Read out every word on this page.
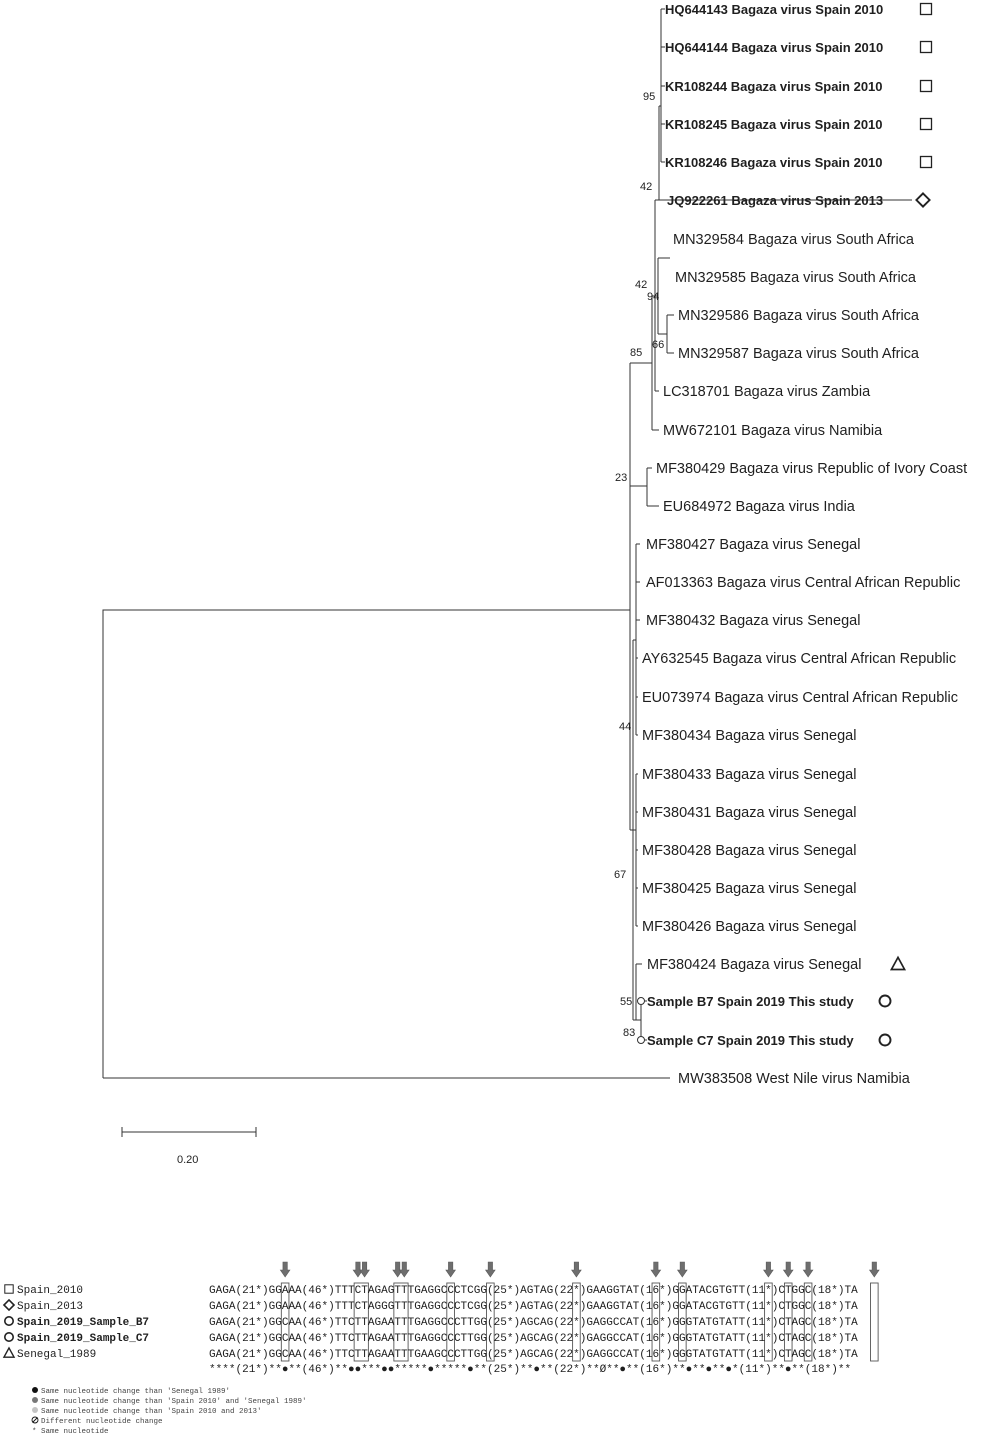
95
42
42
94
66
85
23
44
67
55
83
HQ644143 Bagaza virus Spain 2010
HQ644144 Bagaza virus Spain 2010
KR108244 Bagaza virus Spain 2010
KR108245 Bagaza virus Spain 2010
KR108246 Bagaza virus Spain 2010
JQ922261 Bagaza virus Spain 2013
MN329584 Bagaza virus South Africa
MN329585 Bagaza virus South Africa
MN329586 Bagaza virus South Africa
MN329587 Bagaza virus South Africa
LC318701 Bagaza virus Zambia
MW672101 Bagaza virus Namibia
MF380429 Bagaza virus Republic of Ivory Coast
EU684972 Bagaza virus India
MF380427 Bagaza virus Senegal
AF013363 Bagaza virus Central African Republic
MF380432 Bagaza virus Senegal
AY632545 Bagaza virus Central African Republic
EU073974 Bagaza virus Central African Republic
MF380434 Bagaza virus Senegal
MF380433 Bagaza virus Senegal
MF380431 Bagaza virus Senegal
MF380428 Bagaza virus Senegal
MF380425 Bagaza virus Senegal
MF380426 Bagaza virus Senegal
MF380424 Bagaza virus Senegal
Sample B7 Spain 2019 This study
Sample C7 Spain 2019 This study
MW383508 West Nile virus Namibia
0.20
Spain_2010	GAGA(21*)GGAAA(46*)TTTCTAGAGTTTGAGGCCCTCGG(25*)AGTAG(22*)GAAGGTAT(16*)GGATACGTGTT(11*)CTGGC(18*)TA
Spain_2013	GAGA(21*)GGAAA(46*)TTTCTAGGGTTTGAGGCCCTCGG(25*)AGTAG(22*)GAAGGTAT(16*)GGATACGTGTT(11*)CTGGC(18*)TA
Spain_2019_Sample_B7	GAGA(21*)GGCAA(46*)TTCTTAGAATTTGAGGCCCTTGG(25*)AGCAG(22*)GAGGCCAT(16*)GGGTATGTATT(11*)CTAGC(18*)TA
Spain_2019_Sample_C7	GAGA(21*)GGCAA(46*)TTCTTAGAATTTGAGGCCCTTGG(25*)AGCAG(22*)GAGGCCAT(16*)GGGTATGTATT(11*)CTAGC(18*)TA
Senegal_1989	GAGA(21*)GGCAA(46*)TTCTTAGAATTTGAAGCCCTTGG(25*)AGCAG(22*)GAGGCCAT(16*)GGGTATGTATT(11*)CTAGC(18*)TA
****(21*)**●**(46*)**●●***●●*****●*****●**(25*)**●**(22*)**Ø**●**(16*)**●**●**●*(11*)**●**(18*)**
Same nucleotide change than 'Senegal 1989'
Same nucleotide change than 'Spain 2010' and 'Senegal 1989'
Same nucleotide change than 'Spain 2010 and 2013'
Different nucleotide change
* Same nucleotide
